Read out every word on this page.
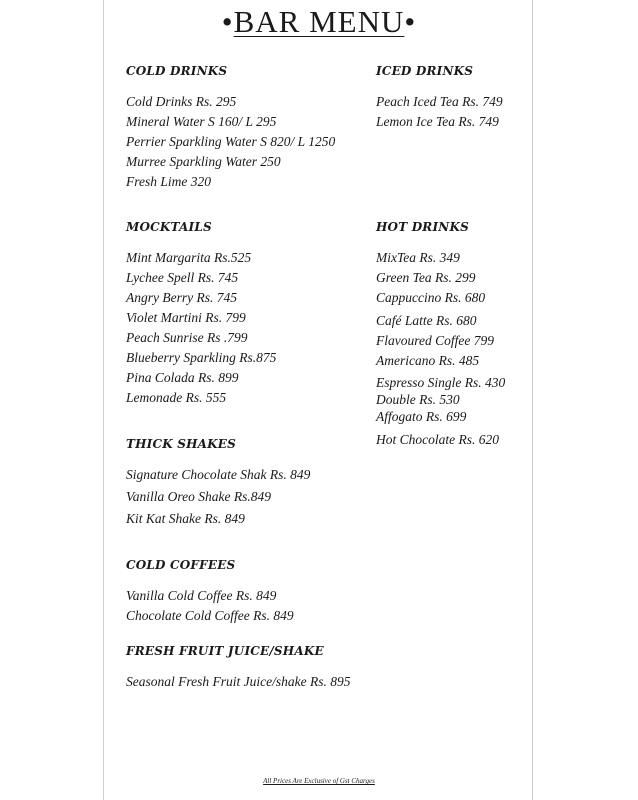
•BAR MENU•
COLD DRINKS
Cold Drinks Rs. 295
Mineral Water S 160/ L 295
Perrier Sparkling Water S 820/ L 1250
Murree Sparkling Water 250
Fresh Lime 320
ICED DRINKS
Peach Iced Tea Rs. 749
Lemon Ice Tea Rs. 749
MOCKTAILS
Mint Margarita Rs.525
Lychee Spell Rs. 745
Angry Berry Rs. 745
Violet Martini Rs. 799
Peach Sunrise Rs .799
Blueberry Sparkling Rs.875
Pina Colada Rs. 899
Lemonade Rs. 555
HOT DRINKS
MixTea Rs. 349
Green Tea Rs. 299
Cappuccino Rs. 680
Café Latte Rs. 680
Flavoured Coffee 799
Americano Rs. 485
Espresso Single Rs. 430
Double Rs. 530
Affogato Rs. 699
Hot Chocolate Rs. 620
THICK SHAKES
Signature Chocolate Shak Rs. 849
Vanilla Oreo Shake Rs.849
Kit Kat Shake Rs. 849
COLD COFFEES
Vanilla Cold Coffee Rs. 849
Chocolate Cold Coffee Rs. 849
FRESH FRUIT JUICE/SHAKE
Seasonal Fresh Fruit Juice/shake Rs. 895
All Prices Are Exclusive of Gst Charges
